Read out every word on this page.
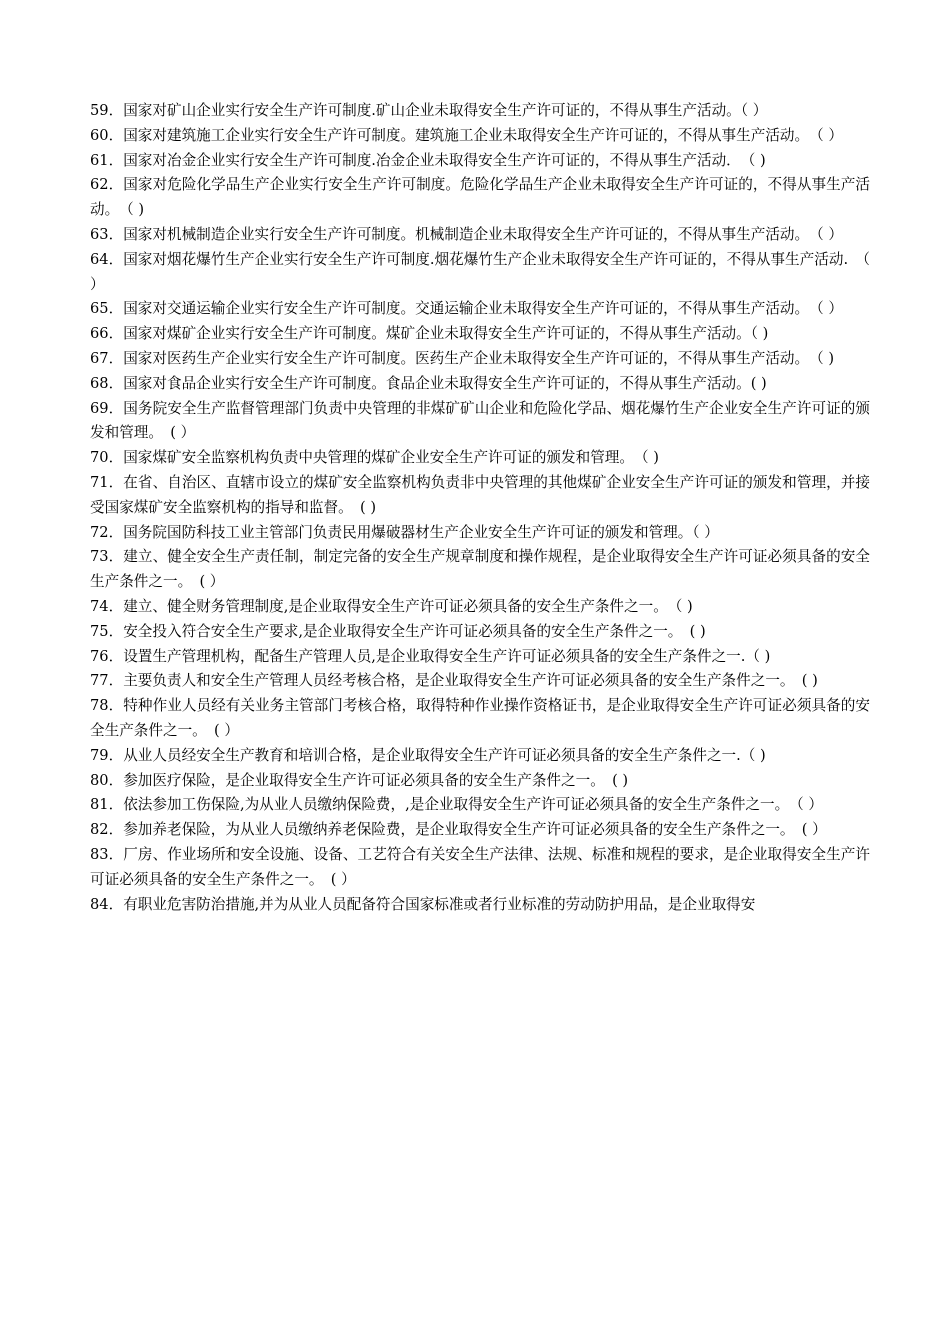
59．国家对矿山企业实行安全生产许可制度.矿山企业未取得安全生产许可证的，不得从事生产活动。（ ）

60．国家对建筑施工企业实行安全生产许可制度。建筑施工企业未取得安全生产许可证的，不得从事生产活动。　（ ）

61．国家对冶金企业实行安全生产许可制度.冶金企业未取得安全生产许可证的，不得从事生产活动．　（ )

62．国家对危险化学品生产企业实行安全生产许可制度。危险化学品生产企业未取得安全生产许可证的，不得从事生产活动。　（ )

63．国家对机械制造企业实行安全生产许可制度。机械制造企业未取得安全生产许可证的，不得从事生产活动。　（ ）

64．国家对烟花爆竹生产企业实行安全生产许可制度.烟花爆竹生产企业未取得安全生产许可证的，不得从事生产活动.　（ ）

65．国家对交通运输企业实行安全生产许可制度。交通运输企业未取得安全生产许可证的，不得从事生产活动。　（ ）

66．国家对煤矿企业实行安全生产许可制度。煤矿企业未取得安全生产许可证的，不得从事生产活动。（ )

67．国家对医药生产企业实行安全生产许可制度。医药生产企业未取得安全生产许可证的，不得从事生产活动。　（ )

68．国家对食品企业实行安全生产许可制度。食品企业未取得安全生产许可证的，不得从事生产活动。( )

69．国务院安全生产监督管理部门负责中央管理的非煤矿矿山企业和危险化学品、烟花爆竹生产企业安全生产许可证的颁发和管理。　( ）

70．国家煤矿安全监察机构负责中央管理的煤矿企业安全生产许可证的颁发和管理。　（ )

71．在省、自治区、直辖市设立的煤矿安全监察机构负责非中央管理的其他煤矿企业安全生产许可证的颁发和管理，并接受国家煤矿安全监察机构的指导和监督。　( )

72．国务院国防科技工业主管部门负责民用爆破器材生产企业安全生产许可证的颁发和管理。（ ）

73．建立、健全安全生产责任制，制定完备的安全生产规章制度和操作规程，是企业取得安全生产许可证必须具备的安全生产条件之一。　( ）

74．建立、健全财务管理制度,是企业取得安全生产许可证必须具备的安全生产条件之一。　（ )

75．安全投入符合安全生产要求,是企业取得安全生产许可证必须具备的安全生产条件之一。　( )

76．设置生产管理机构，配备生产管理人员,是企业取得安全生产许可证必须具备的安全生产条件之一.（ )

77．主要负责人和安全生产管理人员经考核合格，是企业取得安全生产许可证必须具备的安全生产条件之一。　( )

78．特种作业人员经有关业务主管部门考核合格，取得特种作业操作资格证书，是企业取得安全生产许可证必须具备的安全生产条件之一。　( ）

79．从业人员经安全生产教育和培训合格，是企业取得安全生产许可证必须具备的安全生产条件之一.（ )

80．参加医疗保险，是企业取得安全生产许可证必须具备的安全生产条件之一。　( )

81．依法参加工伤保险,为从业人员缴纳保险费，,是企业取得安全生产许可证必须具备的安全生产条件之一。　（ ）

82．参加养老保险，为从业人员缴纳养老保险费，是企业取得安全生产许可证必须具备的安全生产条件之一。　( ）

83．厂房、作业场所和安全设施、设备、工艺符合有关安全生产法律、法规、标准和规程的要求，是企业取得安全生产许可证必须具备的安全生产条件之一。　( ）

84．有职业危害防治措施,并为从业人员配备符合国家标准或者行业标准的劳动防护用品，是企业取得安
